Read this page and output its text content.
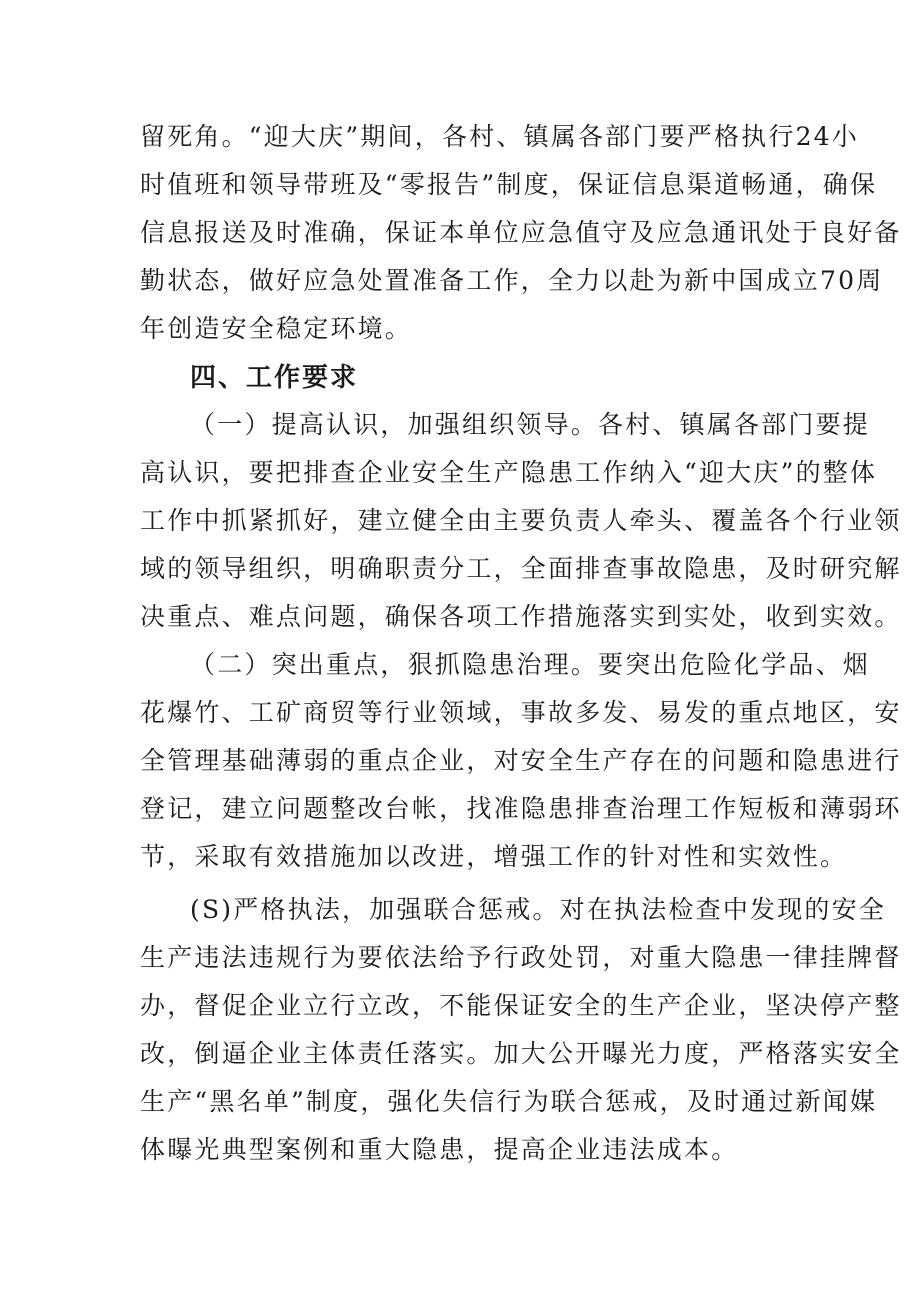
留死角。“迎大庆”期间，各村、镇属各部门要严格执行24小
时值班和领导带班及“零报告”制度，保证信息渠道畅通，确保
信息报送及时准确，保证本单位应急值守及应急通讯处于良好备
勤状态，做好应急处置准备工作，全力以赴为新中国成立70周
年创造安全稳定环境。
四、工作要求
（一）提高认识，加强组织领导。各村、镇属各部门要提
高认识，要把排查企业安全生产隐患工作纳入“迎大庆”的整体
工作中抓紧抓好，建立健全由主要负责人牵头、覆盖各个行业领
域的领导组织，明确职责分工，全面排查事故隐患，及时研究解
决重点、难点问题，确保各项工作措施落实到实处，收到实效。
（二）突出重点，狠抓隐患治理。要突出危险化学品、烟
花爆竹、工矿商贸等行业领域，事故多发、易发的重点地区，安
全管理基础薄弱的重点企业，对安全生产存在的问题和隐患进行
登记，建立问题整改台帐，找准隐患排查治理工作短板和薄弱环
节，采取有效措施加以改进，增强工作的针对性和实效性。
(S)严格执法，加强联合惩戒。对在执法检查中发现的安全
生产违法违规行为要依法给予行政处罚，对重大隐患一律挂牌督
办，督促企业立行立改，不能保证安全的生产企业，坚决停产整
改，倒逼企业主体责任落实。加大公开曝光力度，严格落实安全
生产“黑名单”制度，强化失信行为联合惩戒，及时通过新闻媒
体曝光典型案例和重大隐患，提高企业违法成本。
